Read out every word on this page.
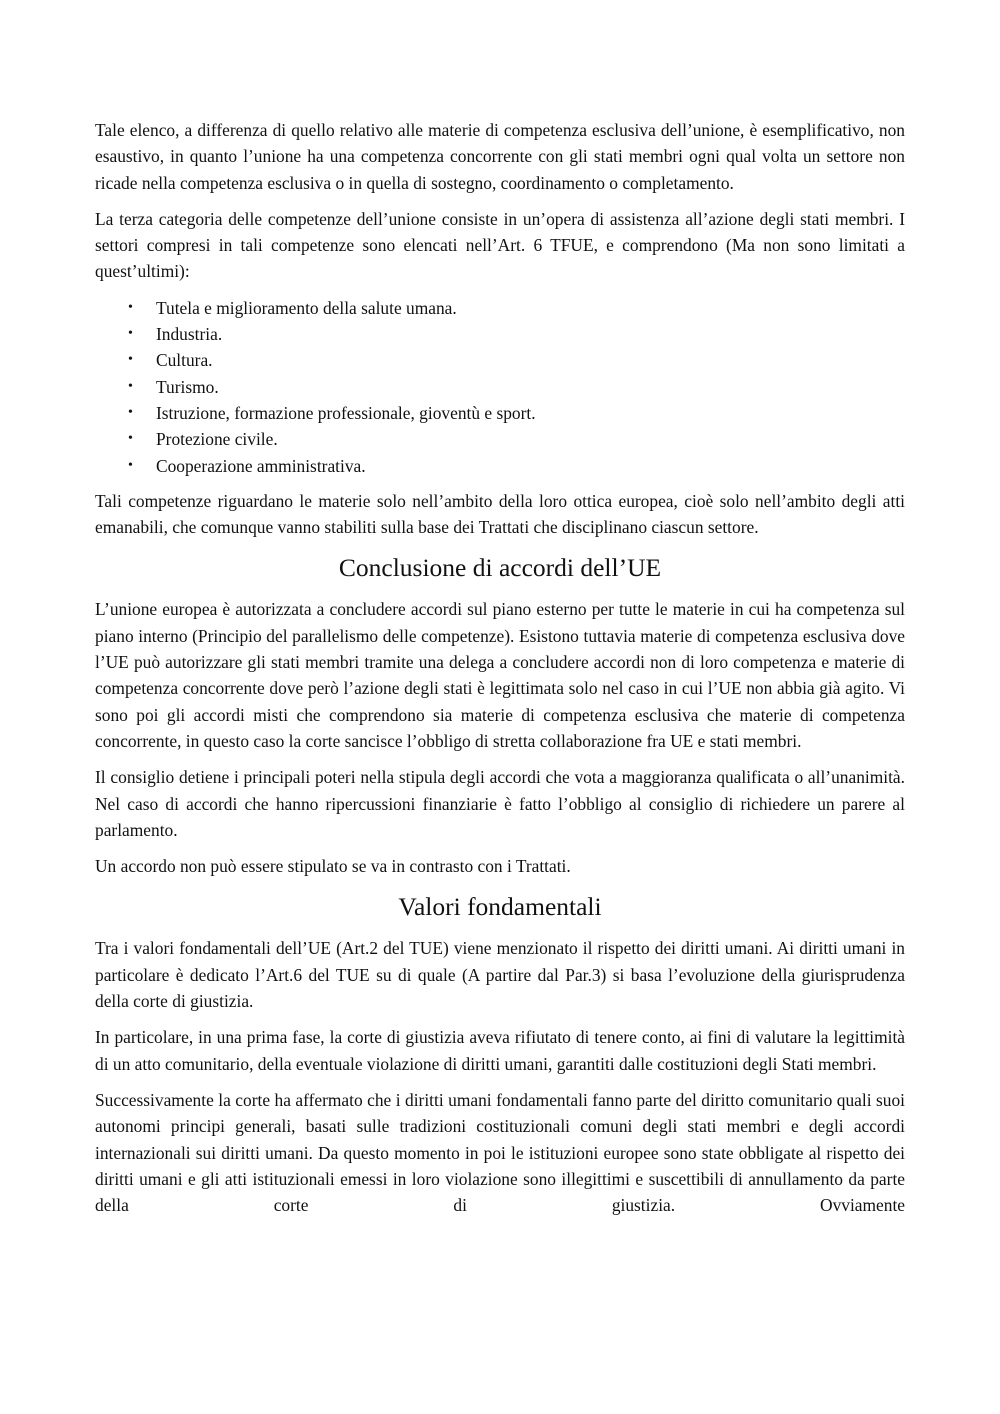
Tale elenco, a differenza di quello relativo alle materie di competenza esclusiva dell’unione, è esemplificativo, non esaustivo, in quanto l’unione ha una competenza concorrente con gli stati membri ogni qual volta un settore non ricade nella competenza esclusiva o in quella di sostegno, coordinamento o completamento.

La terza categoria delle competenze dell’unione consiste in un’opera di assistenza all’azione degli stati membri. I settori compresi in tali competenze sono elencati nell’Art. 6 TFUE, e comprendono (Ma non sono limitati a quest’ultimi):

• Tutela e miglioramento della salute umana.
• Industria.
• Cultura.
• Turismo.
• Istruzione, formazione professionale, gioventù e sport.
• Protezione civile.
• Cooperazione amministrativa.

Tali competenze riguardano le materie solo nell’ambito della loro ottica europea, cioè solo nell’ambito degli atti emanabili, che comunque vanno stabiliti sulla base dei Trattati che disciplinano ciascun settore.

Conclusione di accordi dell’UE

L’unione europea è autorizzata a concludere accordi sul piano esterno per tutte le materie in cui ha competenza sul piano interno (Principio del parallelismo delle competenze). Esistono tuttavia materie di competenza esclusiva dove l’UE può autorizzare gli stati membri tramite una delega a concludere accordi non di loro competenza e materie di competenza concorrente dove però l’azione degli stati è legittimata solo nel caso in cui l’UE non abbia già agito. Vi sono poi gli accordi misti che comprendono sia materie di competenza esclusiva che materie di competenza concorrente, in questo caso la corte sancisce l’obbligo di stretta collaborazione fra UE e stati membri.

Il consiglio detiene i principali poteri nella stipula degli accordi che vota a maggioranza qualificata o all’unanimità. Nel caso di accordi che hanno ripercussioni finanziarie è fatto l’obbligo al consiglio di richiedere un parere al parlamento.

Un accordo non può essere stipulato se va in contrasto con i Trattati.

Valori fondamentali

Tra i valori fondamentali dell’UE (Art.2 del TUE) viene menzionato il rispetto dei diritti umani. Ai diritti umani in particolare è dedicato l’Art.6 del TUE su di quale (A partire dal Par.3) si basa l’evoluzione della giurisprudenza della corte di giustizia.

In particolare, in una prima fase, la corte di giustizia aveva rifiutato di tenere conto, ai fini di valutare la legittimità di un atto comunitario, della eventuale violazione di diritti umani, garantiti dalle costituzioni degli Stati membri.

Successivamente la corte ha affermato che i diritti umani fondamentali fanno parte del diritto comunitario quali suoi autonomi principi generali, basati sulle tradizioni costituzionali comuni degli stati membri e degli accordi internazionali sui diritti umani. Da questo momento in poi le istituzioni europee sono state obbligate al rispetto dei diritti umani e gli atti istituzionali emessi in loro violazione sono illegittimi e suscettibili di annullamento da parte della corte di giustizia. Ovviamente
